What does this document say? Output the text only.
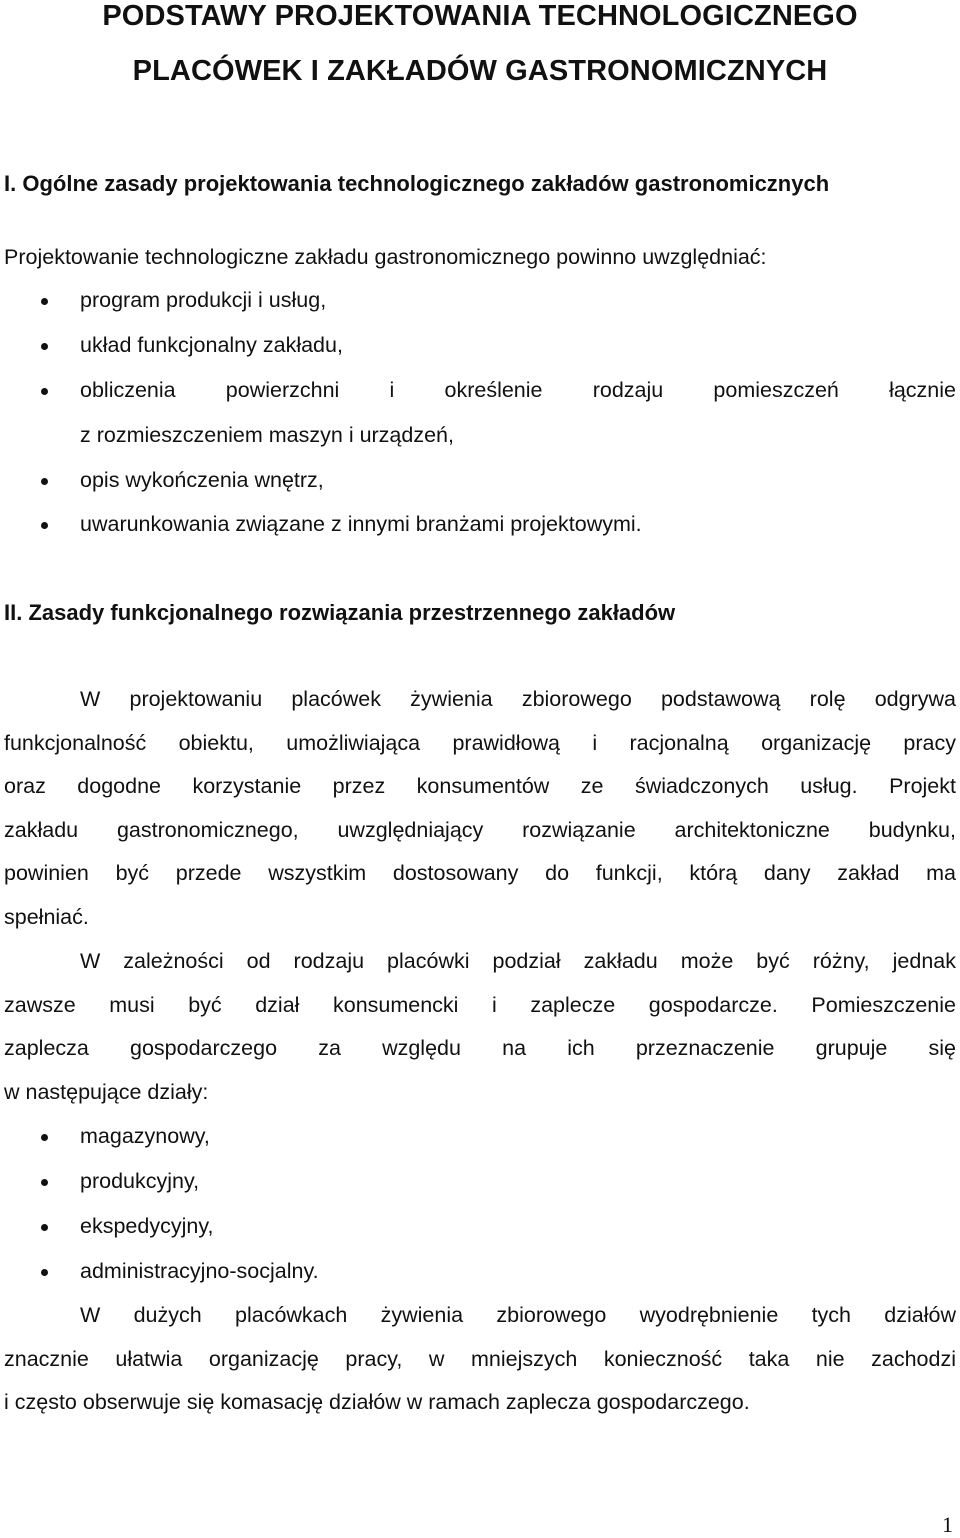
PODSTAWY PROJEKTOWANIA TECHNOLOGICZNEGO
PLACÓWEK I ZAKŁADÓW GASTRONOMICZNYCH
I. Ogólne zasady projektowania technologicznego zakładów gastronomicznych
Projektowanie technologiczne zakładu gastronomicznego powinno uwzględniać:
program produkcji i usług,
układ funkcjonalny zakładu,
obliczenia powierzchni i określenie rodzaju pomieszczeń łącznie
z rozmieszczeniem maszyn i urządzeń,
opis wykończenia wnętrz,
uwarunkowania związane z innymi branżami projektowymi.
II. Zasady funkcjonalnego rozwiązania przestrzennego zakładów
W projektowaniu placówek żywienia zbiorowego podstawową rolę odgrywa
funkcjonalność obiektu, umożliwiająca prawidłową i racjonalną organizację pracy
oraz dogodne korzystanie przez konsumentów ze świadczonych usług. Projekt
zakładu gastronomicznego, uwzględniający rozwiązanie architektoniczne budynku,
powinien być przede wszystkim dostosowany do funkcji, którą dany zakład ma
spełniać.
W zależności od rodzaju placówki podział zakładu może być różny, jednak
zawsze musi być dział konsumencki i zaplecze gospodarcze. Pomieszczenie
zaplecza gospodarczego za względu na ich przeznaczenie grupuje się
w następujące działy:
magazynowy,
produkcyjny,
ekspedycyjny,
administracyjno-socjalny.
W dużych placówkach żywienia zbiorowego wyodrębnienie tych działów
znacznie ułatwia organizację pracy, w mniejszych konieczność taka nie zachodzi
i często obserwuje się komasację działów w ramach zaplecza gospodarczego.
1
